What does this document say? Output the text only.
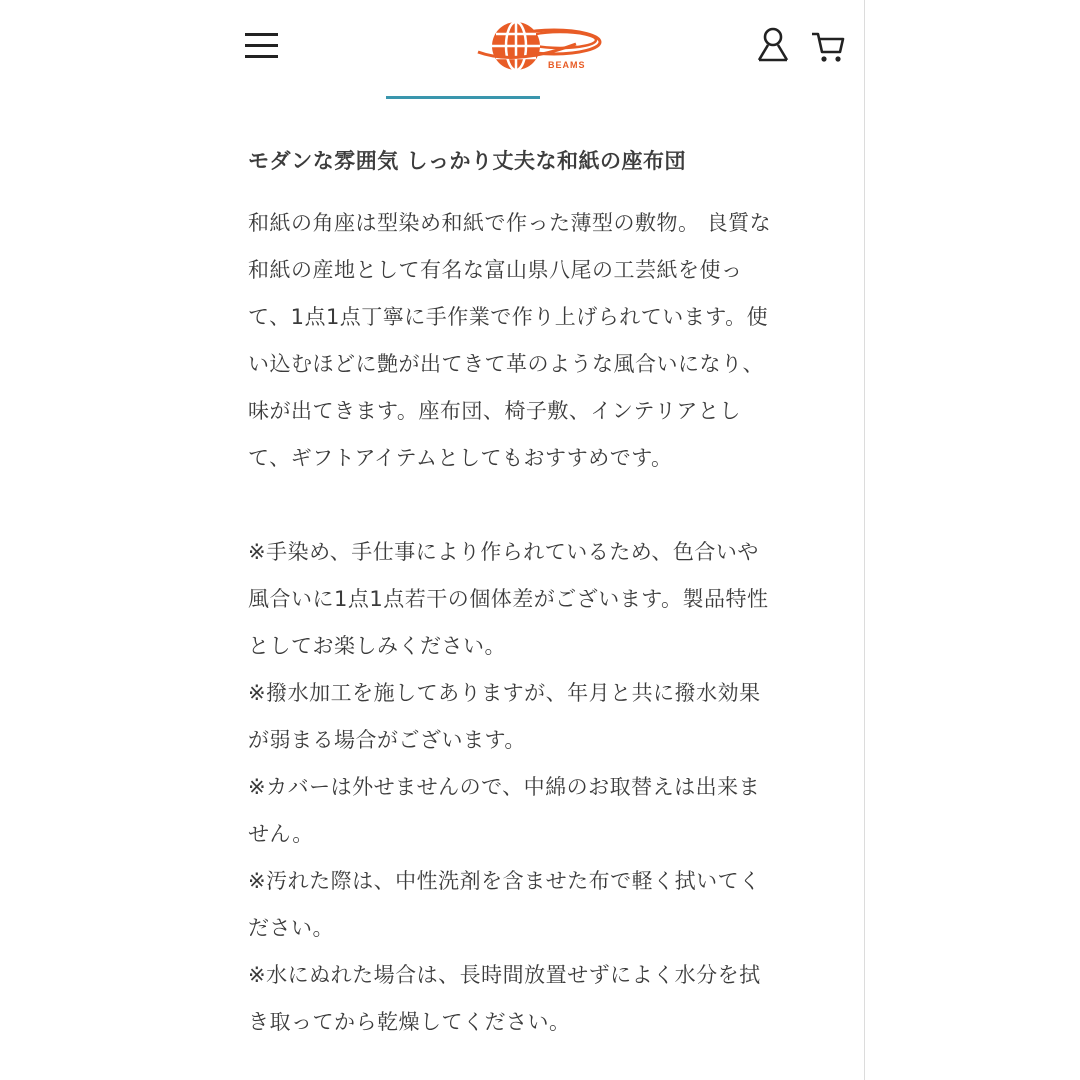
BEAMS
モダンな雰囲気 しっかり丈夫な和紙の座布団

和紙の角座は型染め和紙で作った薄型の敷物。 良質な
和紙の産地として有名な富山県八尾の工芸紙を使っ
て、1点1点丁寧に手作業で作り上げられています。使
い込むほどに艶が出てきて革のような風合いになり、
味が出てきます。座布団、椅子敷、インテリアとし
て、ギフトアイテムとしてもおすすめです。

※手染め、手仕事により作られているため、色合いや
風合いに1点1点若干の個体差がございます。製品特性
としてお楽しみください。
※撥水加工を施してありますが、年月と共に撥水効果
が弱まる場合がございます。
※カバーは外せませんので、中綿のお取替えは出来ま
せん。
※汚れた際は、中性洗剤を含ませた布で軽く拭いてく
ださい。
※水にぬれた場合は、長時間放置せずによく水分を拭
き取ってから乾燥してください。
